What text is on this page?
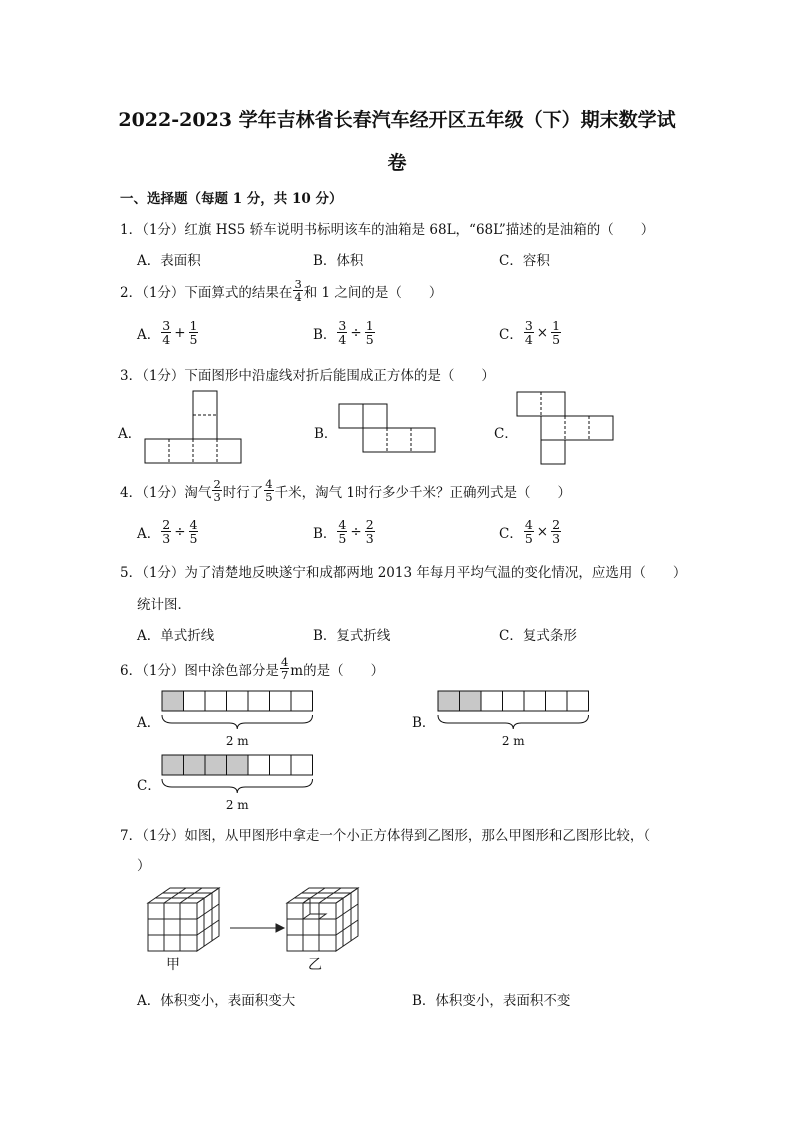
2022-2023 学年吉林省长春汽车经开区五年级（下）期末数学试
卷
一、选择题（每题 1 分，共 10 分）
1．（1分）红旗 HS5 轿车说明书标明该车的油箱是 68L，“68L”描述的是油箱的（　　）
A．表面积	B．体积	C．容积
2．（1分）下面算式的结果在 $\frac{3}{4}$ 和 1 之间的是（　　）
A． $\frac{3}{4} + \frac{1}{5}$	B． $\frac{3}{4} \div \frac{1}{5}$	C． $\frac{3}{4} \times \frac{1}{5}$
3．（1分）下面图形中沿虚线对折后能围成正方体的是（　　）
A．	B．	C．
4．（1分）淘气 $\frac{2}{3}$ 时行了 $\frac{4}{5}$ 千米，淘气 1时行多少千米？正确列式是（　　）
A． $\frac{2}{3} \div \frac{4}{5}$	B． $\frac{4}{5} \div \frac{2}{3}$	C． $\frac{4}{5} \times \frac{2}{3}$
5．（1分）为了清楚地反映遂宁和成都两地 2013 年每月平均气温的变化情况，应选用（　　）
统计图．
A．单式折线	B．复式折线	C．复式条形
6．（1分）图中涂色部分是 $\frac{4}{7}$ m的是（　　）
A．	B．
C．
2 m	2 m
2 m
7．（1分）如图，从甲图形中拿走一个小正方体得到乙图形，那么甲图形和乙图形比较，（
）
甲	乙
A．体积变小，表面积变大	B．体积变小，表面积不变
